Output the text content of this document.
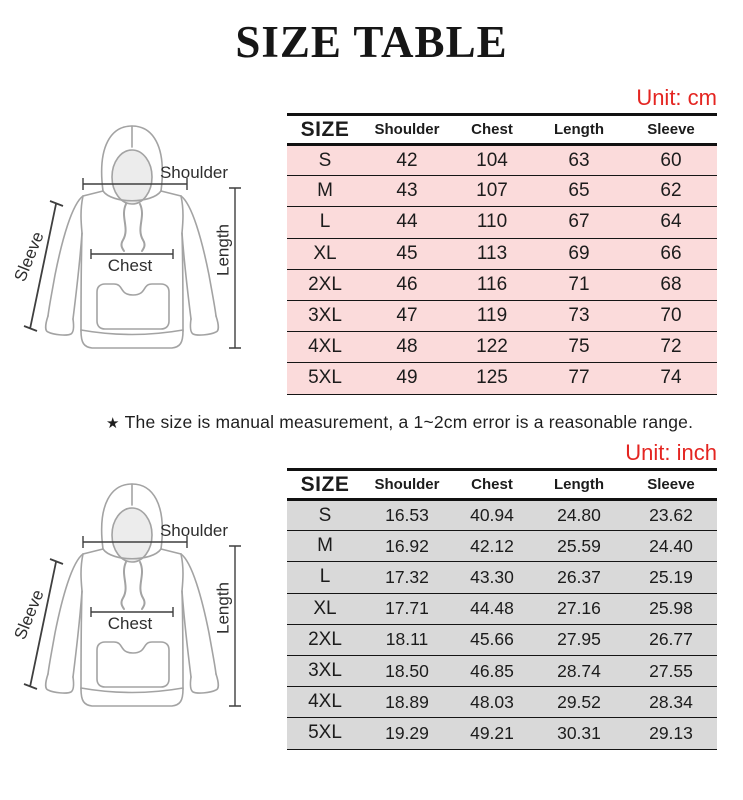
SIZE TABLE
Unit: cm
Shoulder
Sleeve	Chest	Length
SIZE	Shoulder	Chest	Length	Sleeve
S	42	104	63	60
M	43	107	65	62
L	44	110	67	64
XL	45	113	69	66
2XL	46	116	71	68
3XL	47	119	73	70
4XL	48	122	75	72
5XL	49	125	77	74
★ The size is manual measurement, a 1~2cm error is a reasonable range.
Unit: inch
Shoulder
Sleeve	Chest	Length
SIZE	Shoulder	Chest	Length	Sleeve
S	16.53	40.94	24.80	23.62
M	16.92	42.12	25.59	24.40
L	17.32	43.30	26.37	25.19
XL	17.71	44.48	27.16	25.98
2XL	18.11	45.66	27.95	26.77
3XL	18.50	46.85	28.74	27.55
4XL	18.89	48.03	29.52	28.34
5XL	19.29	49.21	30.31	29.13
